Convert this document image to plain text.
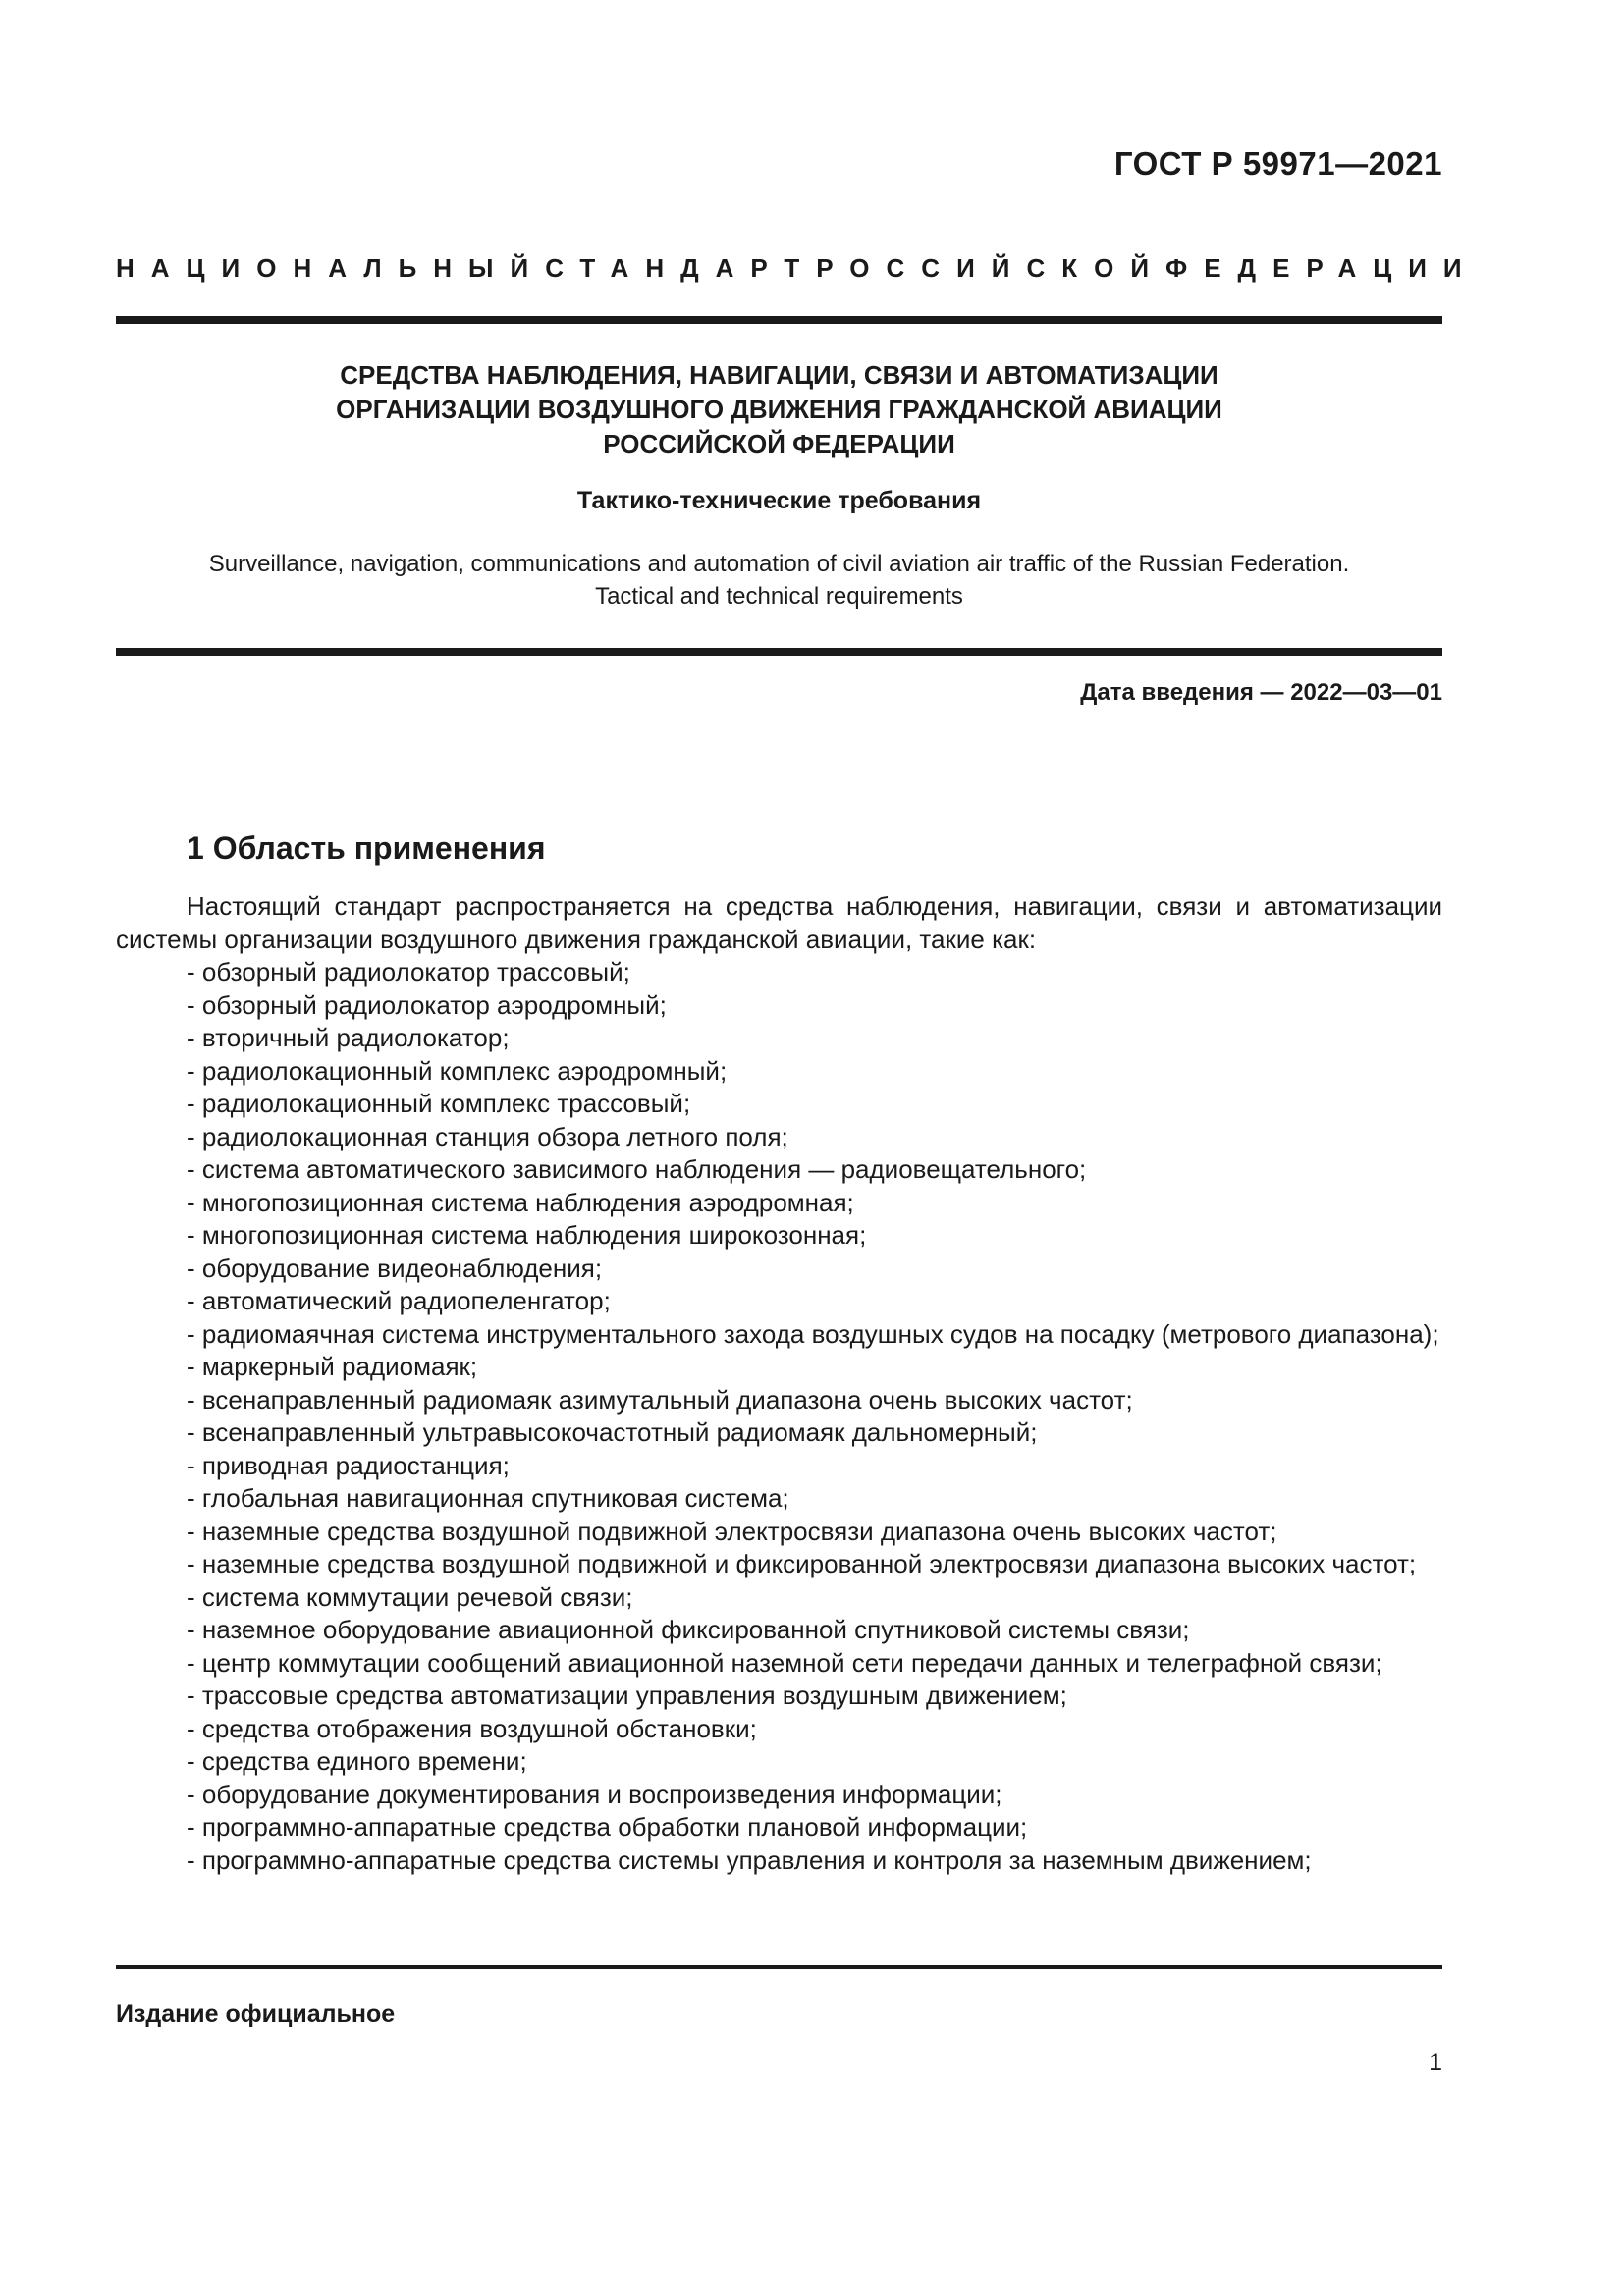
ГОСТ Р 59971—2021
НАЦИОНАЛЬНЫЙ СТАНДАРТ РОССИЙСКОЙ ФЕДЕРАЦИИ
СРЕДСТВА НАБЛЮДЕНИЯ, НАВИГАЦИИ, СВЯЗИ И АВТОМАТИЗАЦИИ
ОРГАНИЗАЦИИ ВОЗДУШНОГО ДВИЖЕНИЯ ГРАЖДАНСКОЙ АВИАЦИИ
РОССИЙСКОЙ ФЕДЕРАЦИИ
Тактико-технические требования
Surveillance, navigation, communications and automation of civil aviation air traffic of the Russian Federation.
Tactical and technical requirements
Дата введения — 2022—03—01
1 Область применения

Настоящий стандарт распространяется на средства наблюдения, навигации, связи и автоматизации системы организации воздушного движения гражданской авиации, такие как:

- обзорный радиолокатор трассовый;

- обзорный радиолокатор аэродромный;

- вторичный радиолокатор;

- радиолокационный комплекс аэродромный;

- радиолокационный комплекс трассовый;

- радиолокационная станция обзора летного поля;

- система автоматического зависимого наблюдения — радиовещательного;

- многопозиционная система наблюдения аэродромная;

- многопозиционная система наблюдения широкозонная;

- оборудование видеонаблюдения;

- автоматический радиопеленгатор;

- радиомаячная система инструментального захода воздушных судов на посадку (метрового диапазона);

- маркерный радиомаяк;

- всенаправленный радиомаяк азимутальный диапазона очень высоких частот;

- всенаправленный ультравысокочастотный радиомаяк дальномерный;

- приводная радиостанция;

- глобальная навигационная спутниковая система;

- наземные средства воздушной подвижной электросвязи диапазона очень высоких частот;

- наземные средства воздушной подвижной и фиксированной электросвязи диапазона высоких частот;

- система коммутации речевой связи;

- наземное оборудование авиационной фиксированной спутниковой системы связи;

- центр коммутации сообщений авиационной наземной сети передачи данных и телеграфной связи;

- трассовые средства автоматизации управления воздушным движением;

- средства отображения воздушной обстановки;

- средства единого времени;

- оборудование документирования и воспроизведения информации;

- программно-аппаратные средства обработки плановой информации;

- программно-аппаратные средства системы управления и контроля за наземным движением;

Издание официальное
1
